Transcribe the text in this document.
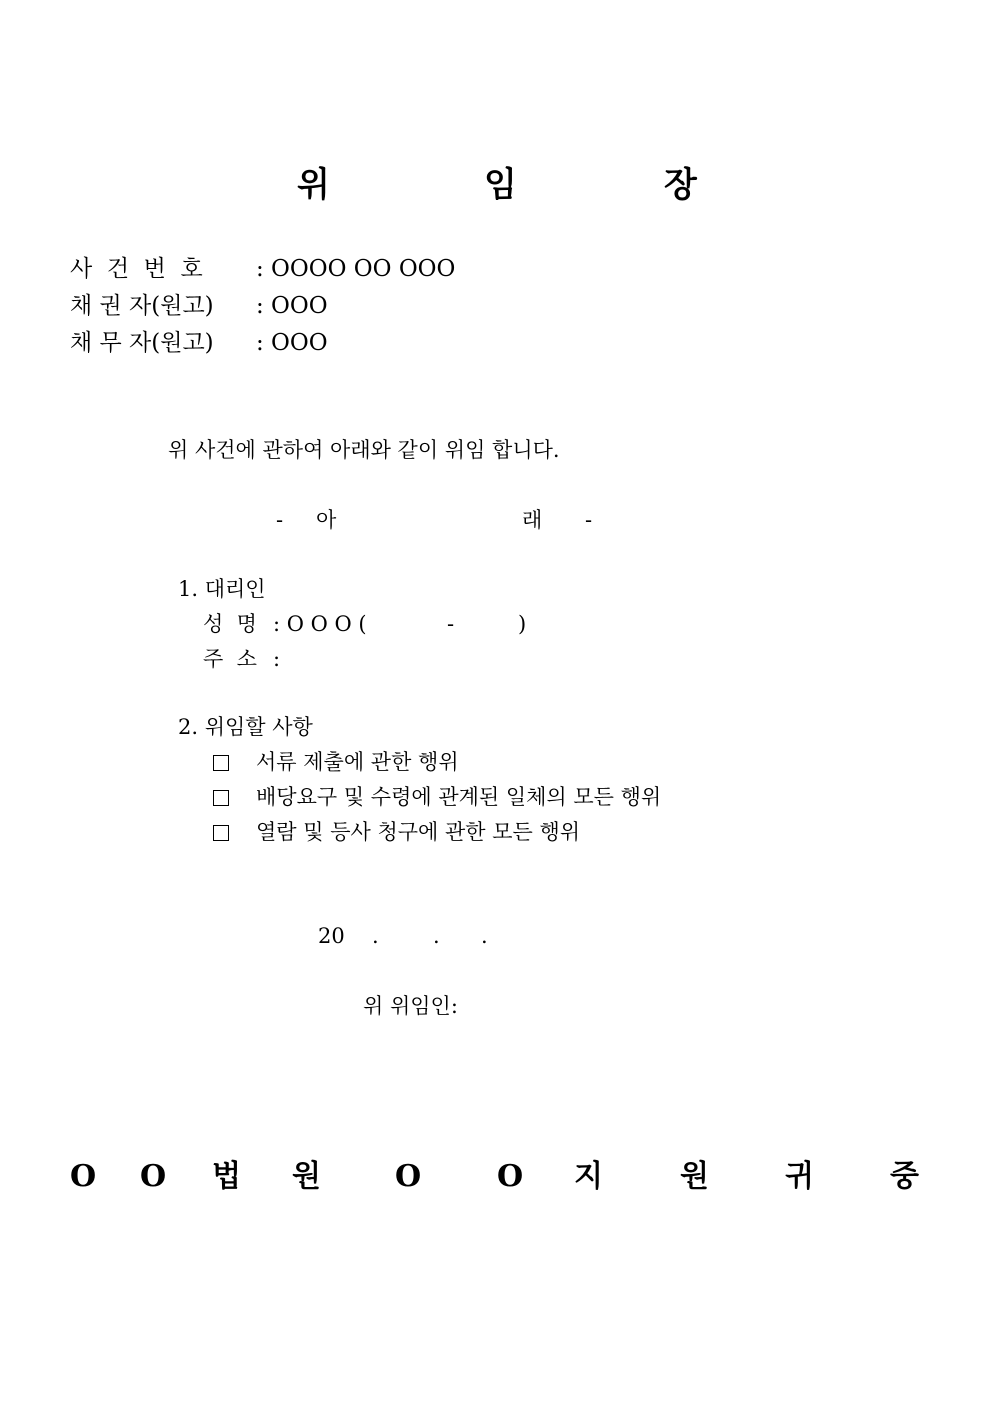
위	임	장
사  건  번  호 : OOOO OO OOO
채 권 자(원고) : OOO
채 무 자(원고) : OOO
위 사건에 관하여 아래와 같이 위임 합니다.
- 아	래 -
1. 대리인
성  명 : O O O (	-	)
주  소 :
2. 위임할 사항
서류 제출에 관한 행위
배당요구 및 수령에 관계된 일체의 모든 행위
열람 및 등사 청구에 관한 모든 행위
20 .	. .
위 위임인:
O O 법 원 O	O 지	원	귀	중
